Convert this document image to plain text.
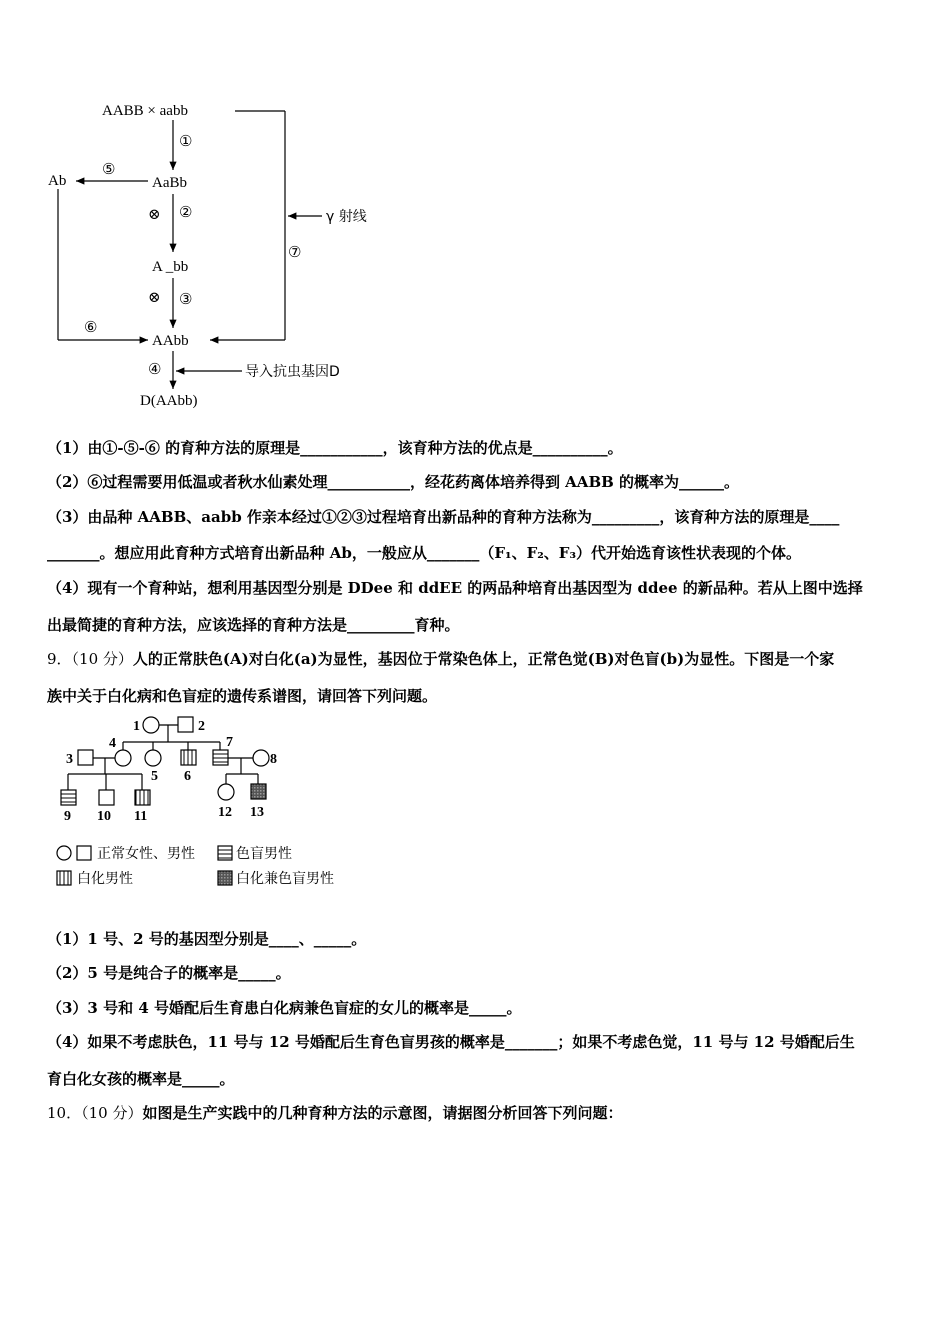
AABB × aabb
γ 射线
⑦
①
AaBb
⑤
Ab
⑥
⊗ ②
A _bb
⊗ ③
AAbb
④	导入抗虫基因D
D(AAbb)
（1）由①-⑤-⑥ 的育种方法的原理是___________，该育种方法的优点是__________。
（2）⑥过程需要用低温或者秋水仙素处理___________，经花药离体培养得到 AABB 的概率为______。
（3）由品种 AABB、aabb 作亲本经过①②③过程培育出新品种的育种方法称为_________，该育种方法的原理是____
_______。想应用此育种方式培育出新品种 Ab，一般应从_______（F₁、F₂、F₃）代开始选育该性状表现的个体。
（4）现有一个育种站，想利用基因型分别是 DDee 和 ddEE 的两品种培育出基因型为 ddee 的新品种。若从上图中选择
出最简捷的育种方法，应该选择的育种方法是_________育种。
9．（10 分）人的正常肤色(A)对白化(a)为显性，基因位于常染色体上，正常色觉(B)对色盲(b)为显性。下图是一个家
族中关于白化病和色盲症的遗传系谱图，请回答下列问题。
1	2
3
4
5 6
7
8
9 10 11	12 13
正常女性、男性	色盲男性
白化男性	白化兼色盲男性
（1）1 号、2 号的基因型分别是____、_____。
（2）5 号是纯合子的概率是_____。
（3）3 号和 4 号婚配后生育患白化病兼色盲症的女儿的概率是_____。
（4）如果不考虑肤色，11 号与 12 号婚配后生育色盲男孩的概率是_______；如果不考虑色觉，11 号与 12 号婚配后生
育白化女孩的概率是_____。
10．（10 分）如图是生产实践中的几种育种方法的示意图，请据图分析回答下列问题：
